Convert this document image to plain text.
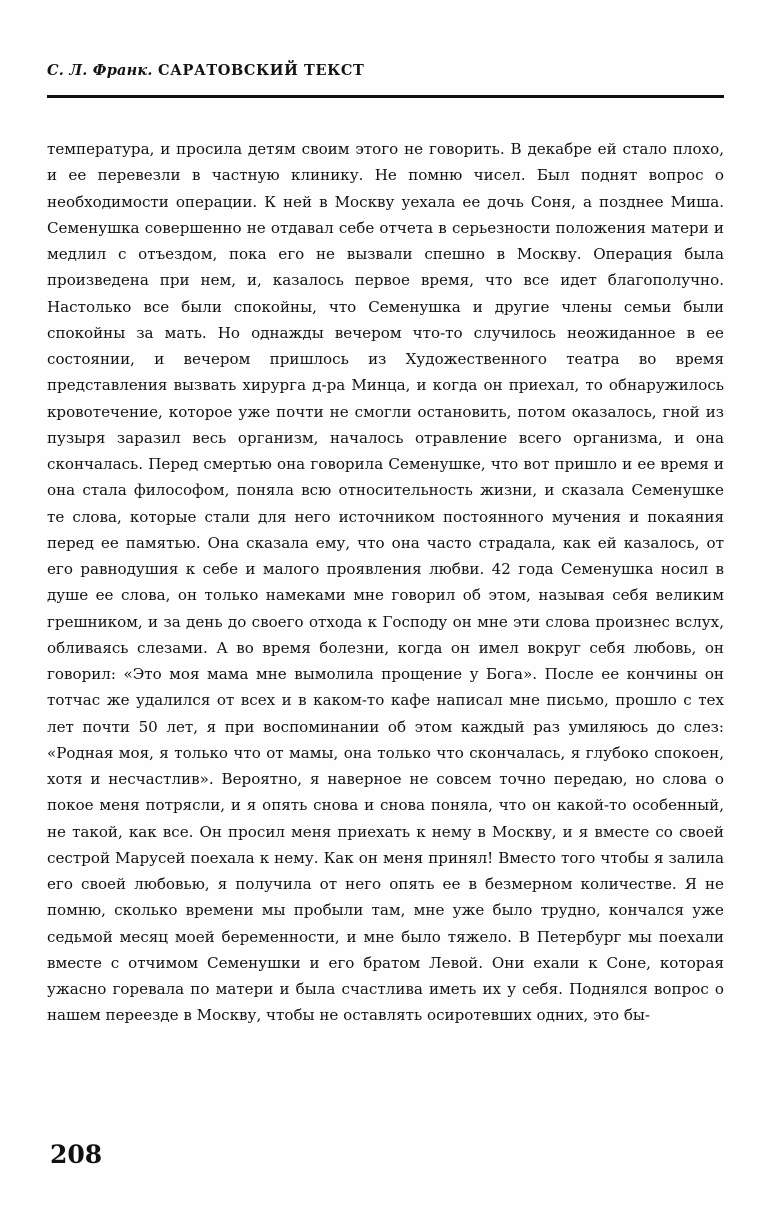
С. Л. Франк. САРАТОВСКИЙ ТЕКСТ

температура, и просила детям своим этого не говорить. В декабре ей стало плохо, и ее перевезли в частную клинику. Не помню чисел. Был поднят вопрос о необходимости операции. К ней в Москву уехала ее дочь Соня, а позднее Миша. Семенушка совершенно не отдавал себе отчета в серьезности положения матери и медлил с отъездом, пока его не вызвали спешно в Москву. Операция была произведена при нем, и, казалось первое время, что все идет благополучно. Настолько все были спокойны, что Семенушка и другие члены семьи были спокойны за мать. Но однажды вечером что-то случилось неожиданное в ее состоянии, и вечером пришлось из Художественного театра во время представления вызвать хирурга д-ра Минца, и когда он приехал, то обнаружилось кровотечение, которое уже почти не смогли остановить, потом оказалось, гной из пузыря заразил весь организм, началось отравление всего организма, и она скончалась. Перед смертью она говорила Семенушке, что вот пришло и ее время и она стала философом, поняла всю относительность жизни, и сказала Семенушке те слова, которые стали для него источником постоянного мучения и покаяния перед ее памятью. Она сказала ему, что она часто страдала, как ей казалось, от его равнодушия к себе и малого проявления любви. 42 года Семенушка носил в душе ее слова, он только намеками мне говорил об этом, называя себя великим грешником, и за день до своего отхода к Господу он мне эти слова произнес вслух, обливаясь слезами. А во время болезни, когда он имел вокруг себя любовь, он говорил: «Это моя мама мне вымолила прощение у Бога». После ее кончины он тотчас же удалился от всех и в каком-то кафе написал мне письмо, прошло с тех лет почти 50 лет, я при воспоминании об этом каждый раз умиляюсь до слез: «Родная моя, я только что от мамы, она только что скончалась, я глубоко спокоен, хотя и несчастлив». Вероятно, я наверное не совсем точно передаю, но слова о покое меня потрясли, и я опять снова и снова поняла, что он какой-то особенный, не такой, как все. Он просил меня приехать к нему в Москву, и я вместе со своей сестрой Марусей поехала к нему. Как он меня принял! Вместо того чтобы я залила его своей любовью, я получила от него опять ее в безмерном количестве. Я не помню, сколько времени мы пробыли там, мне уже было трудно, кончался уже седьмой месяц моей беременности, и мне было тяжело. В Петербург мы поехали вместе с отчимом Семенушки и его братом Левой. Они ехали к Соне, которая ужасно горевала по матери и была счастлива иметь их у себя. Поднялся вопрос о нашем переезде в Москву, чтобы не оставлять осиротевших одних, это бы-

208
